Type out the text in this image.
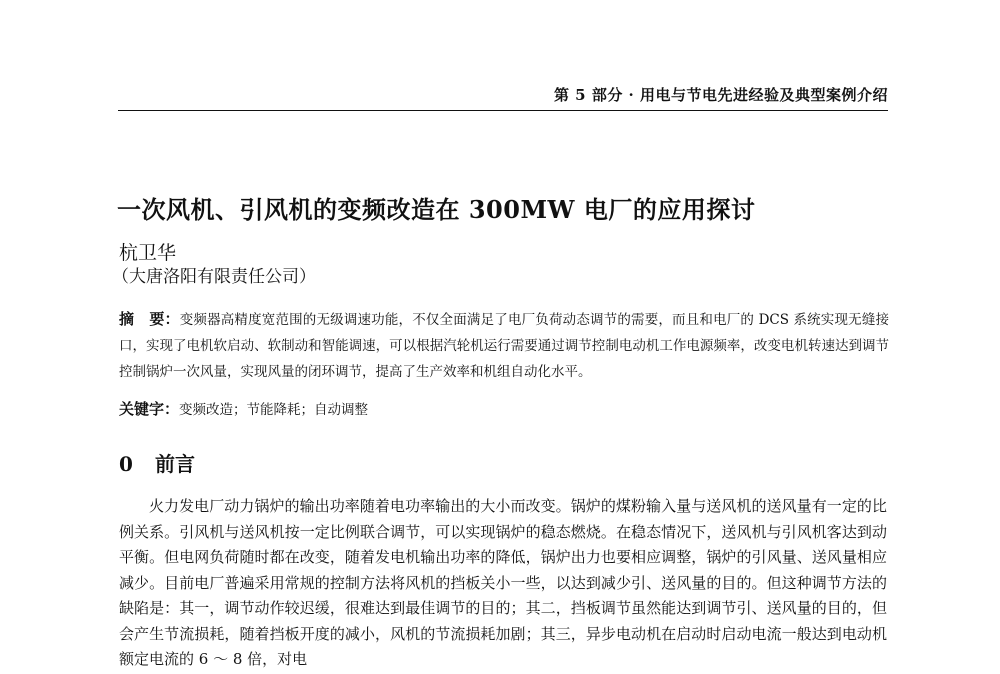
第 5 部分 · 用电与节电先进经验及典型案例介绍
一次风机、引风机的变频改造在 300MW 电厂的应用探讨
杭卫华
（大唐洛阳有限责任公司）
摘　要：变频器高精度宽范围的无级调速功能，不仅全面满足了电厂负荷动态调节的需要，而且和电厂的 DCS 系统实现无缝接口，实现了电机软启动、软制动和智能调速，可以根据汽轮机运行需要通过调节控制电动机工作电源频率，改变电机转速达到调节控制锅炉一次风量，实现风量的闭环调节，提高了生产效率和机组自动化水平。
关键字：变频改造；节能降耗；自动调整
0 前言
火力发电厂动力锅炉的输出功率随着电功率输出的大小而改变。锅炉的煤粉输入量与送风机的送风量有一定的比例关系。引风机与送风机按一定比例联合调节，可以实现锅炉的稳态燃烧。在稳态情况下，送风机与引风机客达到动平衡。但电网负荷随时都在改变，随着发电机输出功率的降低，锅炉出力也要相应调整，锅炉的引风量、送风量相应减少。目前电厂普遍采用常规的控制方法将风机的挡板关小一些，以达到减少引、送风量的目的。但这种调节方法的缺陷是：其一，调节动作较迟缓，很难达到最佳调节的目的；其二，挡板调节虽然能达到调节引、送风量的目的，但会产生节流损耗，随着挡板开度的减小，风机的节流损耗加剧；其三，异步电动机在启动时启动电流一般达到电动机额定电流的 6 ～ 8 倍，对电
